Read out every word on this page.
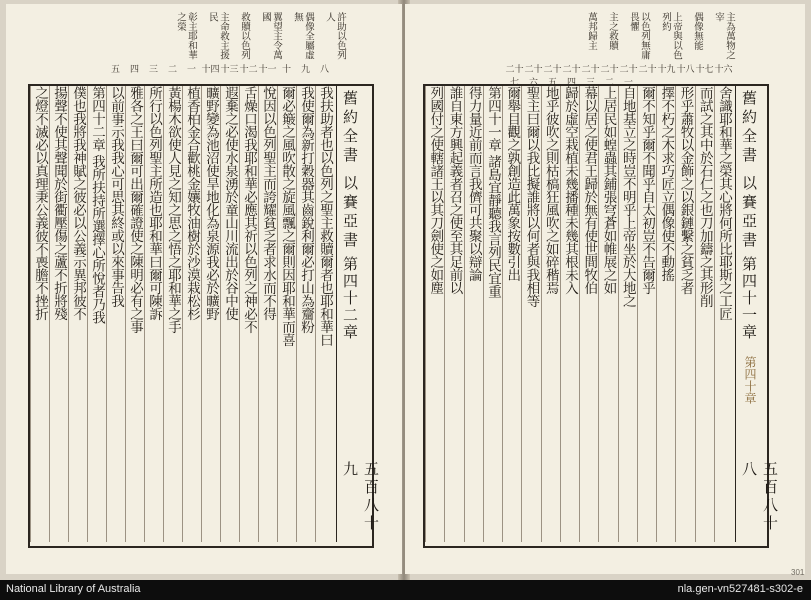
許助以色列人
偶像全屬虛無
翼望主令萬國
救贖以色列
主命救主援民
彰主耶和華之榮
八
九
十
十一
十二
十三
十四
一
二
三
四
五
舊約全書 以賽亞書
第四十二章
五百八十九
我扶助者也以色列之聖主救贖爾者也耶和華曰
我使爾為新打穀器其齒銳利爾必打山為齏粉
爾必簸之風吹散之旋風飄之爾則因耶和華而喜
悅因以色列聖主而誇耀貧乏者求水而不得
舌燥口渴我耶和華必應其祈以色列之神必不
遐棄之必使水泉湧於童山川流出於谷中使
曠野變為池沼使旱地化為泉源我必於曠野
植香柏金合歡桃金孃牧油樹於沙漠栽松杉
黃楊木欲使人見之知之思之悟之耶和華之手
所行以色列聖主所造也耶和華曰爾可陳訴
雅各之王曰爾可出爾確證使之陳明必有之事
以前事示我我心可思其終或以來事告我
第四十二章 我所扶持所選擇心所悅者乃我
僕也我將我神賦之彼必以公義示異邦彼不
揚聲不使其聲聞於街衢壓傷之蘆不折將殘
之燈不滅必以真理秉公義彼不喪膽不挫折
主為萬物之宰
偶像無能
上帝與以色列約
以色列無庸畏懼
主之救贖
萬邦歸主
十六
十七
十八
十九
二十
二十一
二十二
二十三
二十四
二十五
二十六
二十七
舊約全書 以賽亞書
第四十一章
第四十章
五百八十八
舍識耶和華之榮其心將何所比耶斯之工匠
而試之其中於石仁之也刀加鑄之其形削
形乎蕭牧以金飾之以銀鏈繫之貧乏者
擇不朽之木求巧匠立偶像使不動搖
爾不知乎爾不聞乎自太初豈不告爾乎
自地基立之時豈不明乎上帝坐於大地之
上居民如蝗蟲其鋪張穹蒼如帷展之如
幕以居之使君王歸於無有使世間牧伯
歸於虛空栽植未幾播種未幾其根未入
地乎彼吹之則枯槁狂風吹之如碎稭焉
聖主曰爾以我比擬誰將以何者與我相等
爾舉目觀之孰創造此萬象按數引出
第四十一章 諸島宜靜聽我言列民宜重
得力量近前而言我儕可共聚以辯論
誰自東方興起義者召之使至其足前以
列國付之使轄諸王以其刀劍使之如塵
301
National Library of Australia	nla.gen-vn527481-s302-e
